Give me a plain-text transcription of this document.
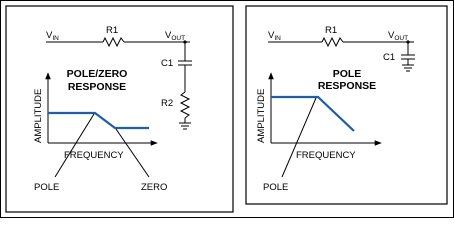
$V_{IN}$
R1	$V_{OUT}$
C1
R2
POLE/ZERO
RESPONSE
AMPLITUDE
FREQUENCY
POLE	ZERO
$V_{IN}$
R1	$V_{OUT}$
C1
POLE
RESPONSE
AMPLITUDE
FREQUENCY
POLE
